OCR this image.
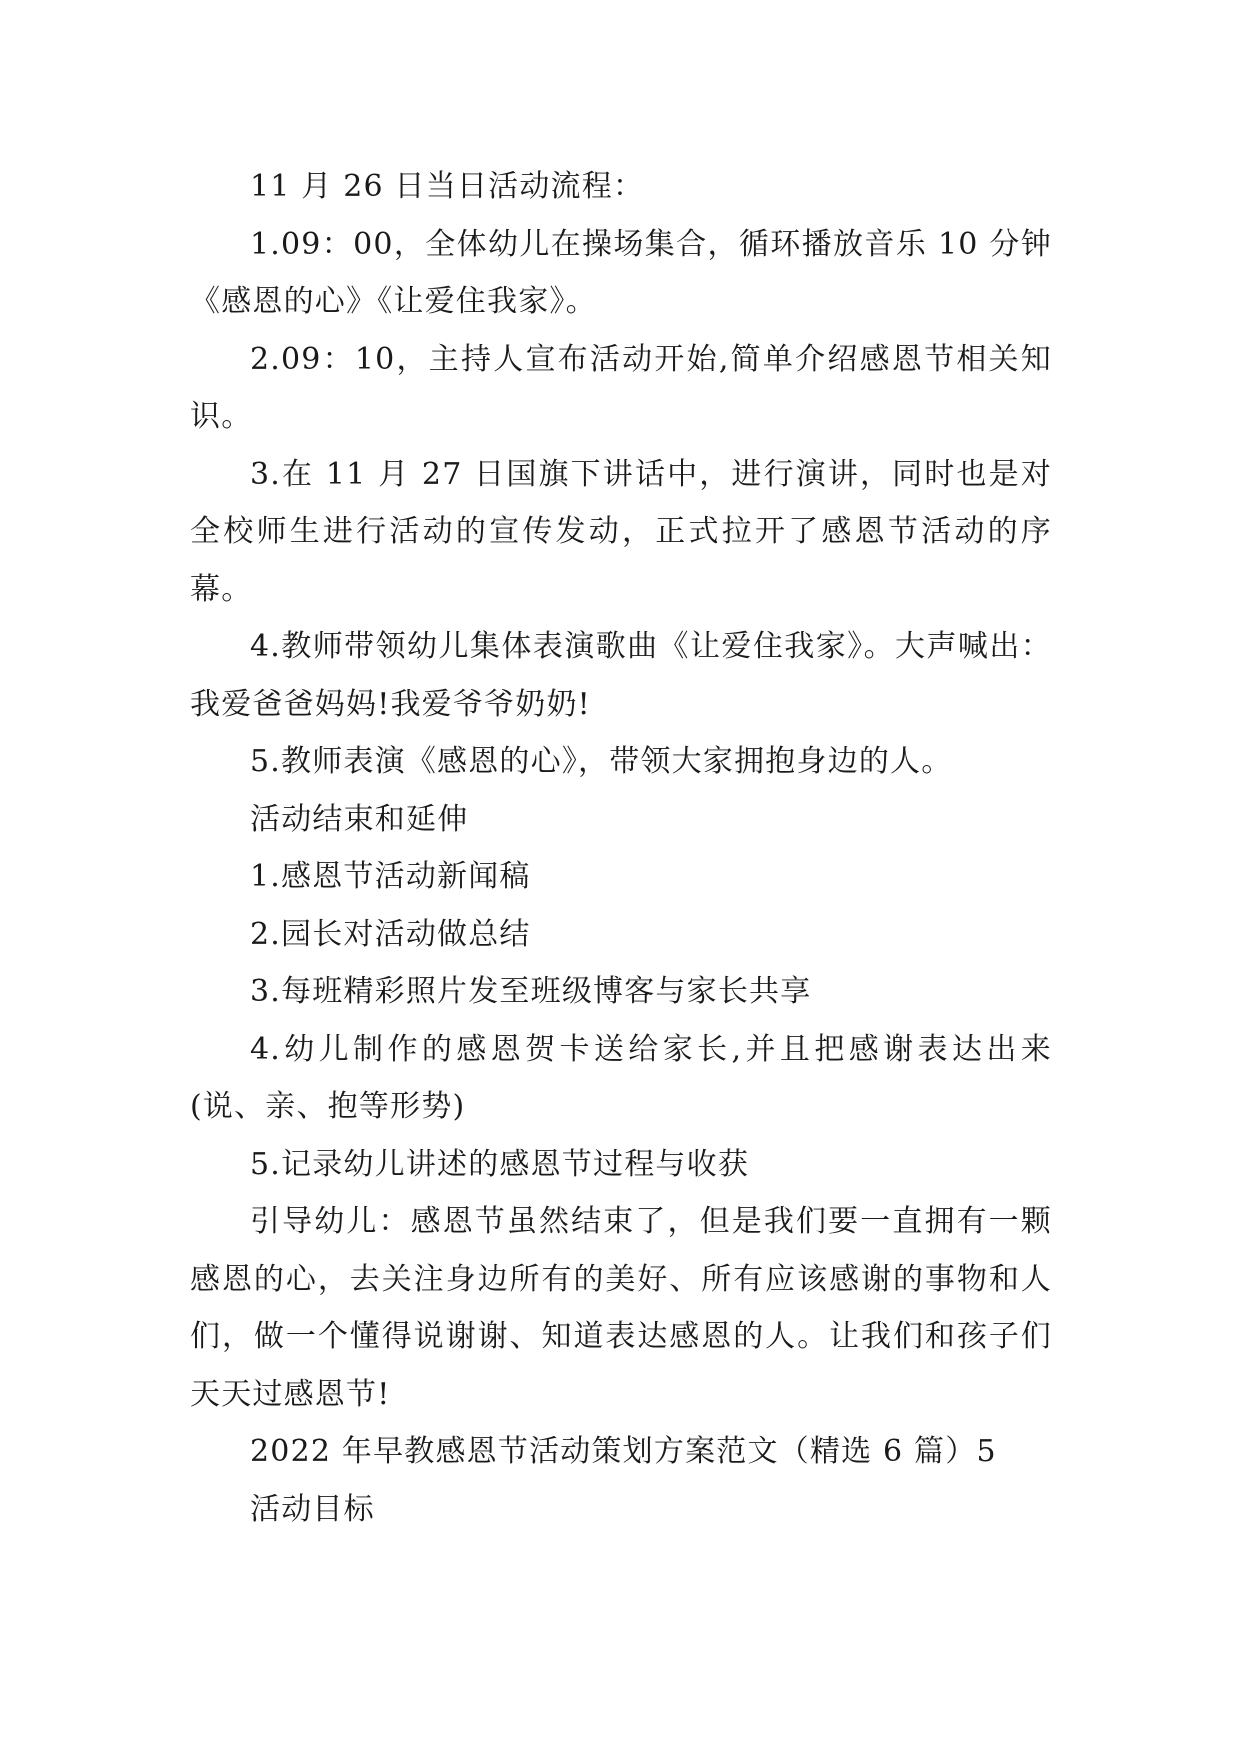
11 月 26 日当日活动流程：

1.09：00，全体幼儿在操场集合，循环播放音乐 10 分钟《感恩的心》《让爱住我家》。

2.09：10，主持人宣布活动开始,简单介绍感恩节相关知识。

3.在 11 月 27 日国旗下讲话中，进行演讲，同时也是对全校师生进行活动的宣传发动，正式拉开了感恩节活动的序幕。

4.教师带领幼儿集体表演歌曲《让爱住我家》。大声喊出：我爱爸爸妈妈!我爱爷爷奶奶!

5.教师表演《感恩的心》，带领大家拥抱身边的人。

活动结束和延伸

1.感恩节活动新闻稿

2.园长对活动做总结

3.每班精彩照片发至班级博客与家长共享

4.幼儿制作的感恩贺卡送给家长,并且把感谢表达出来(说、亲、抱等形势)

5.记录幼儿讲述的感恩节过程与收获

引导幼儿：感恩节虽然结束了，但是我们要一直拥有一颗感恩的心，去关注身边所有的美好、所有应该感谢的事物和人们，做一个懂得说谢谢、知道表达感恩的人。让我们和孩子们天天过感恩节!

2022 年早教感恩节活动策划方案范文（精选 6 篇）5

活动目标
